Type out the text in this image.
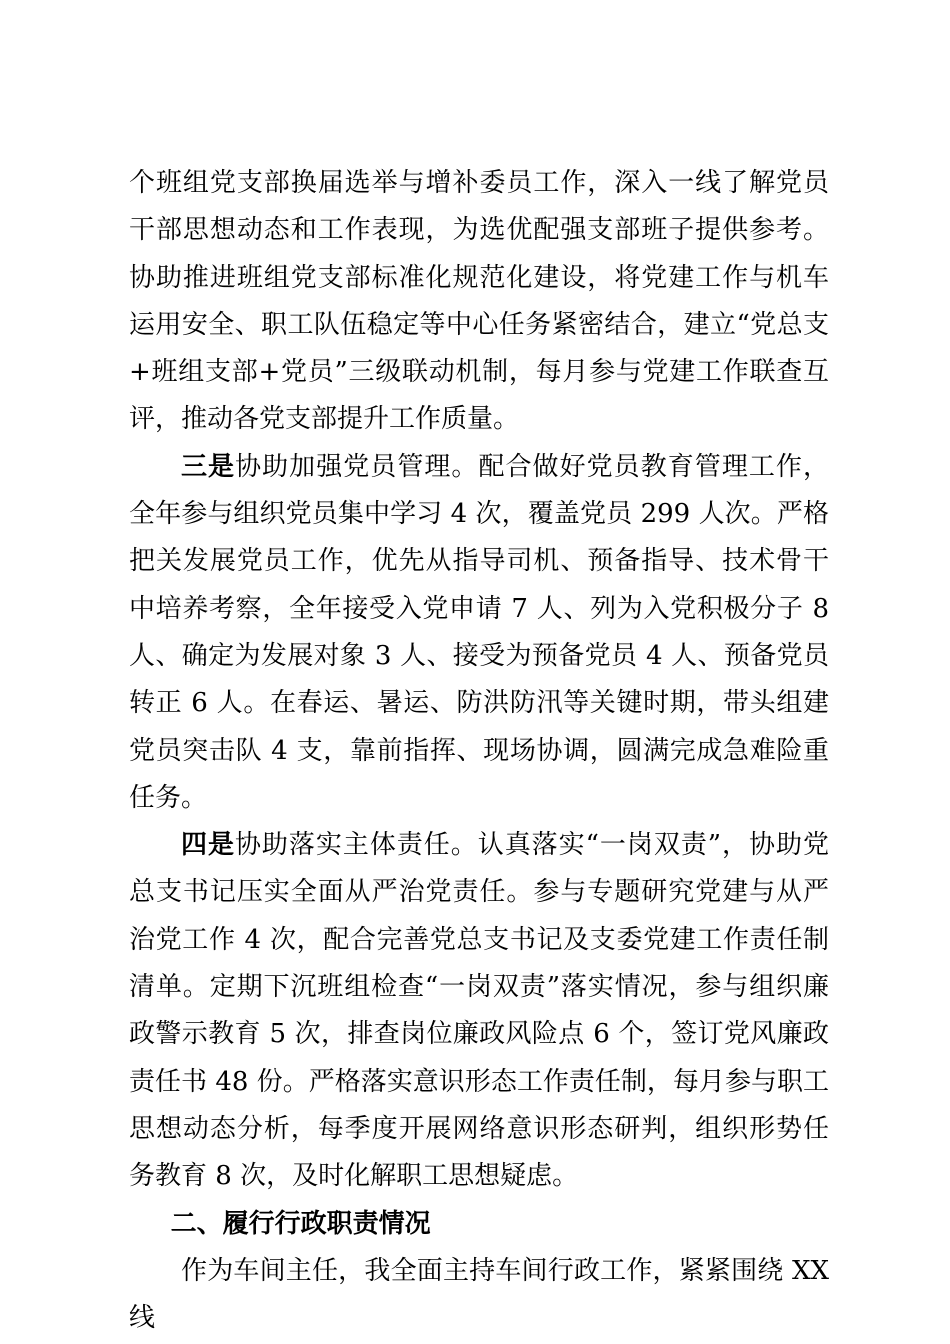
个班组党支部换届选举与增补委员工作，深入一线了解党员干部思想动态和工作表现，为选优配强支部班子提供参考。协助推进班组党支部标准化规范化建设，将党建工作与机车运用安全、职工队伍稳定等中心任务紧密结合，建立“党总支+班组支部+党员”三级联动机制，每月参与党建工作联查互评，推动各党支部提升工作质量。

三是协助加强党员管理。配合做好党员教育管理工作，全年参与组织党员集中学习 4 次，覆盖党员 299 人次。严格把关发展党员工作，优先从指导司机、预备指导、技术骨干中培养考察，全年接受入党申请 7 人、列为入党积极分子 8 人、确定为发展对象 3 人、接受为预备党员 4 人、预备党员转正 6 人。在春运、暑运、防洪防汛等关键时期，带头组建党员突击队 4 支，靠前指挥、现场协调，圆满完成急难险重任务。

四是协助落实主体责任。认真落实“一岗双责”，协助党总支书记压实全面从严治党责任。参与专题研究党建与从严治党工作 4 次，配合完善党总支书记及支委党建工作责任制清单。定期下沉班组检查“一岗双责”落实情况，参与组织廉政警示教育 5 次，排查岗位廉政风险点 6 个，签订党风廉政责任书 48 份。严格落实意识形态工作责任制，每月参与职工思想动态分析，每季度开展网络意识形态研判，组织形势任务教育 8 次，及时化解职工思想疑虑。

二、履行行政职责情况

作为车间主任，我全面主持车间行政工作，紧紧围绕 XX 线
